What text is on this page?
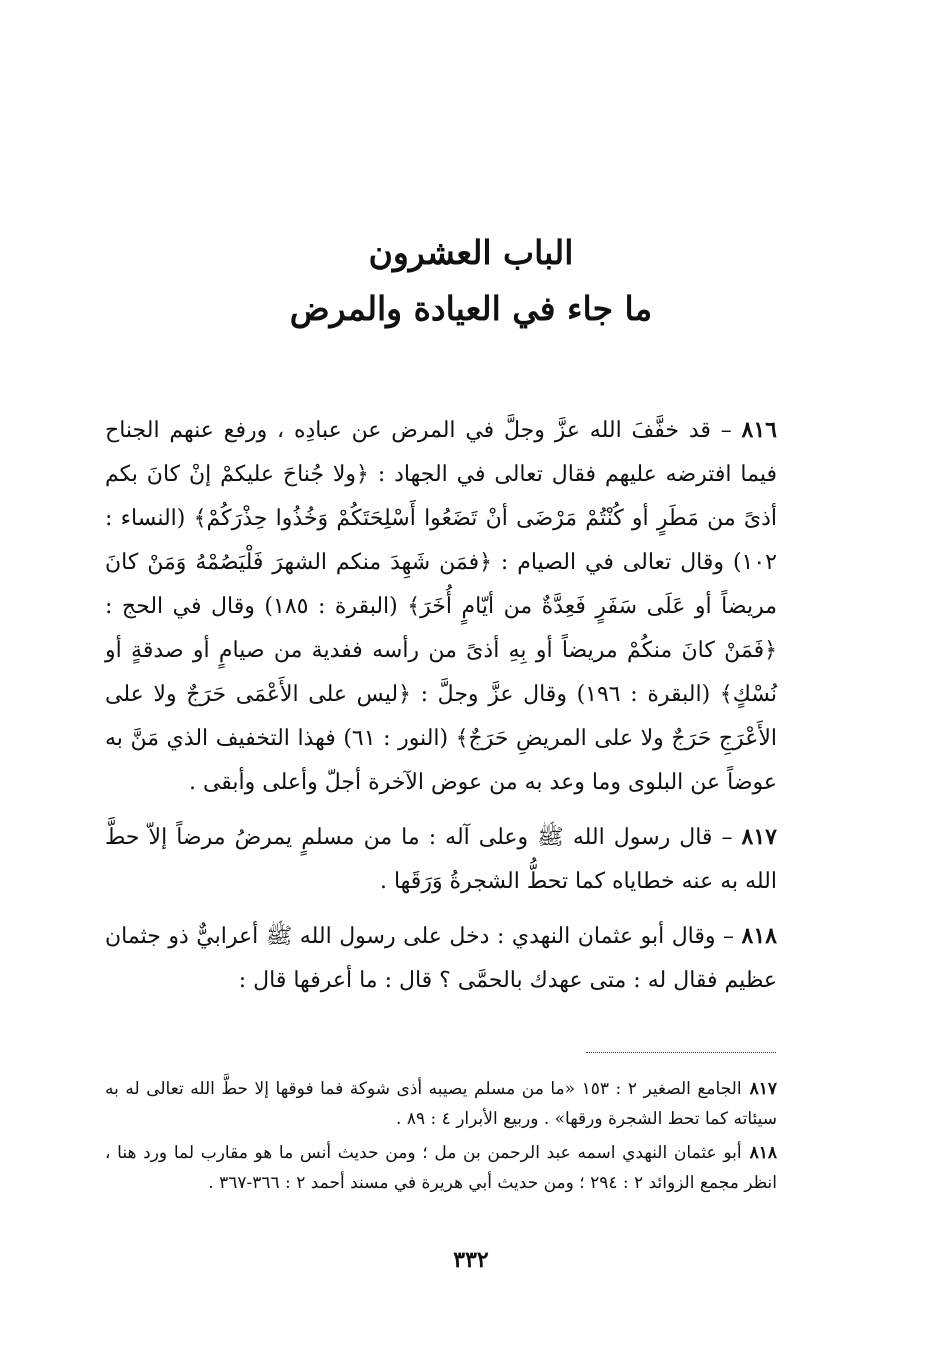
الباب العشرون
ما جاء في العيادة والمرض

٨١٦ – قد خفَّفَ الله عزَّ وجلَّ في المرض عن عبادِه ، ورفع عنهم الجناح فيما افترضه عليهم فقال تعالى في الجهاد : ﴿ولا جُناحَ عليكمْ إنْ كانَ بكم أذىً من مَطَرٍ أو كُنْتُمْ مَرْضَى أنْ تَضَعُوا أَسْلِحَتَكُمْ وَخُذُوا حِذْرَكُمْ﴾ (النساء : ١٠٢) وقال تعالى في الصيام : ﴿فمَن شَهِدَ منكم الشهرَ فَلْيَصُمْهُ وَمَنْ كانَ مريضاً أو عَلَى سَفَرٍ فَعِدَّةٌ من أيّامٍ أُخَرَ﴾ (البقرة : ١٨٥) وقال في الحج : ﴿فَمَنْ كانَ منكُمْ مريضاً أو بِهِ أذىً من رأسه ففدية من صيامٍ أو صدقةٍ أو نُسْكٍ﴾ (البقرة : ١٩٦) وقال عزَّ وجلَّ : ﴿ليس على الأَعْمَى حَرَجٌ ولا على الأَعْرَجِ حَرَجٌ ولا على المريضِ حَرَجٌ﴾ (النور : ٦١) فهذا التخفيف الذي مَنَّ به عوضاً عن البلوى وما وعد به من عوض الآخرة أجلّ وأعلى وأبقى .

٨١٧ – قال رسول الله ﷺ وعلى آله : ما من مسلمٍ يمرضُ مرضاً إلاّ حطَّ الله به عنه خطاياه كما تحطُّ الشجرةُ وَرَقَها .

٨١٨ – وقال أبو عثمان النهدي : دخل على رسول الله ﷺ أعرابيٌّ ذو جثمان عظيم فقال له : متى عهدك بالحمَّى ؟ قال : ما أعرفها قال :

٨١٧الجامع الصغير ٢ : ١٥٣ «ما من مسلم يصيبه أذى شوكة فما فوقها إلا حطَّ الله تعالى له به سيئاته كما تحط الشجرة ورقها» . وربيع الأبرار ٤ : ٨٩ .

٨١٨أبو عثمان النهدي اسمه عبد الرحمن بن مل ؛ ومن حديث أنس ما هو مقارب لما ورد هنا ، انظر مجمع الزوائد ٢ : ٢٩٤ ؛ ومن حديث أبي هريرة في مسند أحمد ٢ : ٣٦٦-٣٦٧ .

٣٣٢
